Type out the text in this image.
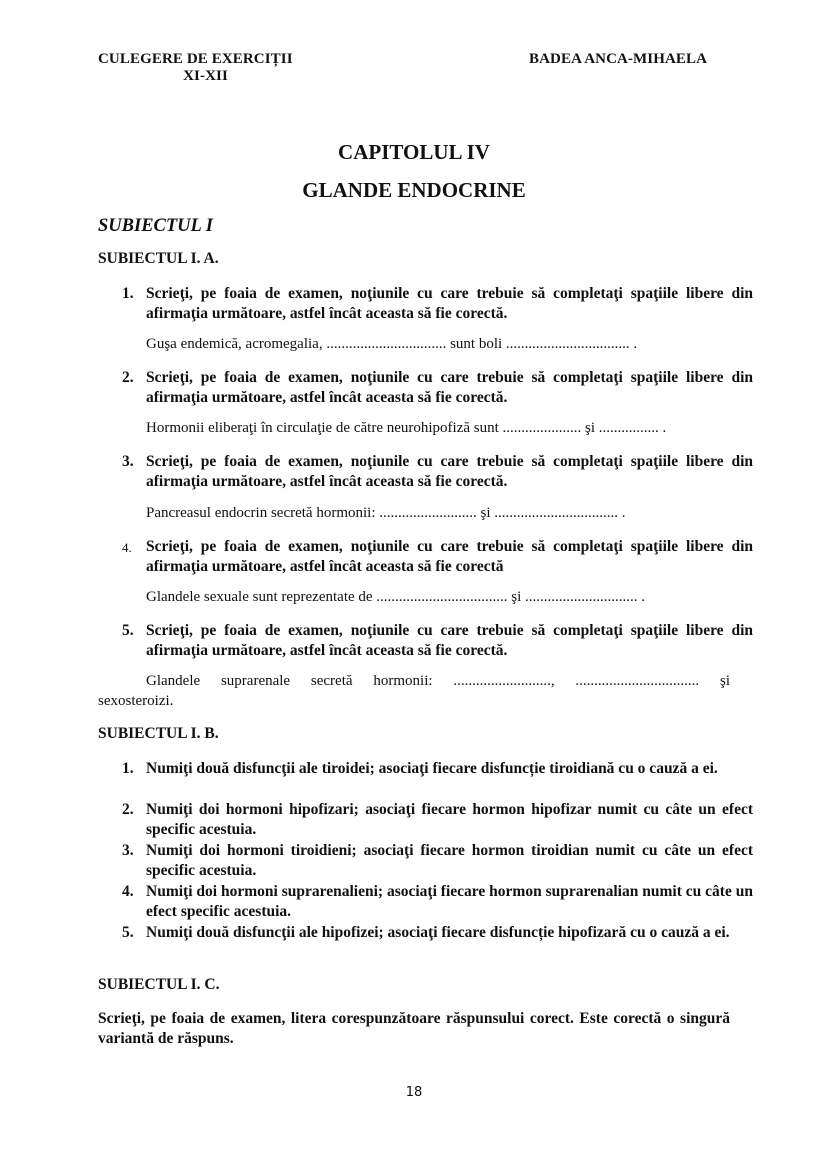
CULEGERE DE EXERCIȚII
XI-XII
BADEA ANCA-MIHAELA
CAPITOLUL IV
GLANDE ENDOCRINE
SUBIECTUL I
SUBIECTUL I. A.
1. Scrieţi, pe foaia de examen, noţiunile cu care trebuie să completaţi spaţiile libere din afirmaţia următoare, astfel încât aceasta să fie corectă.
Guşa endemică, acromegalia, ................................ sunt boli ................................. .
2. Scrieţi, pe foaia de examen, noţiunile cu care trebuie să completaţi spaţiile libere din afirmaţia următoare, astfel încât aceasta să fie corectă.
Hormonii eliberaţi în circulaţie de către neurohipofiză sunt ..................... şi ................ .
3. Scrieţi, pe foaia de examen, noţiunile cu care trebuie să completaţi spaţiile libere din afirmaţia următoare, astfel încât aceasta să fie corectă.
Pancreasul endocrin secretă hormonii: .......................... şi ................................. .
4. Scrieţi, pe foaia de examen, noţiunile cu care trebuie să completaţi spaţiile libere din afirmaţia următoare, astfel încât aceasta să fie corectă
Glandele sexuale sunt reprezentate de ................................... şi .............................. .
5. Scrieţi, pe foaia de examen, noţiunile cu care trebuie să completaţi spaţiile libere din afirmaţia următoare, astfel încât aceasta să fie corectă.
Glandele suprarenale secretă hormonii: .........................., ................................. şi
sexosteroizi.
SUBIECTUL I. B.
1. Numiţi două disfuncţii ale tiroidei; asociaţi fiecare disfuncție tiroidiană cu o cauză a ei.
2. Numiţi doi hormoni hipofizari; asociaţi fiecare hormon hipofizar numit cu câte un efect specific acestuia.
3. Numiţi doi hormoni tiroidieni; asociaţi fiecare hormon tiroidian numit cu câte un efect specific acestuia.
4. Numiţi doi hormoni suprarenalieni; asociaţi fiecare hormon suprarenalian numit cu câte un efect specific acestuia.
5. Numiţi două disfuncţii ale hipofizei; asociaţi fiecare disfuncție hipofizară cu o cauză a ei.
SUBIECTUL I. C.
Scrieţi, pe foaia de examen, litera corespunzătoare răspunsului corect. Este corectă o singură variantă de răspuns.
18
